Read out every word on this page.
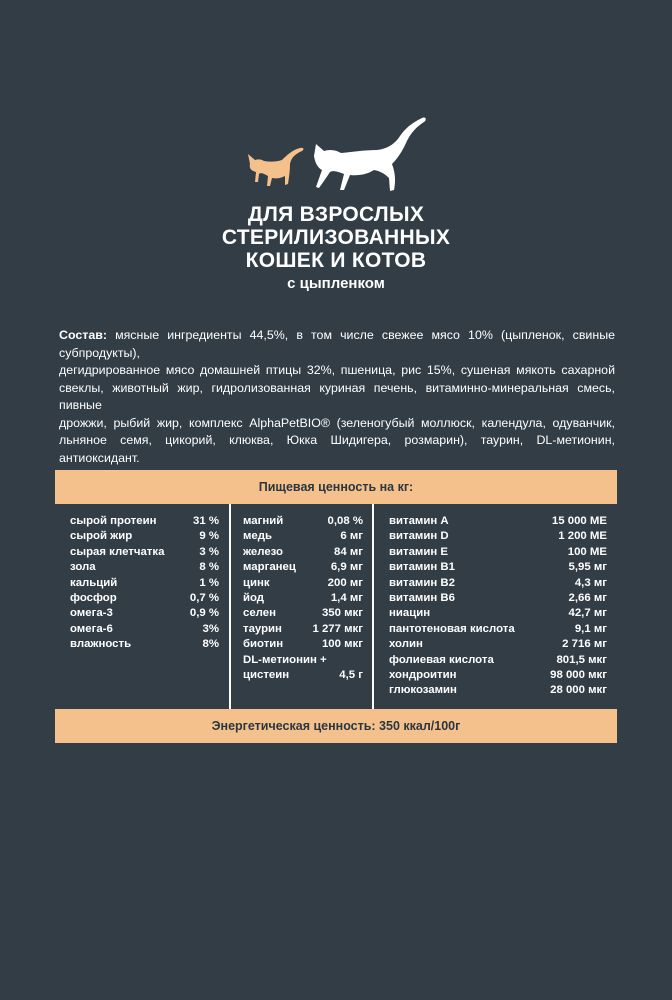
ДЛЯ ВЗРОСЛЫХ
СТЕРИЛИЗОВАННЫХ
КОШЕК И КОТОВ
с цыпленком
Состав: мясные ингредиенты 44,5%, в том числе свежее мясо 10% (цыпленок, свиные субпродукты),
дегидрированное мясо домашней птицы 32%, пшеница, рис 15%, сушеная мякоть сахарной
свеклы, животный жир, гидролизованная куриная печень, витаминно-минеральная смесь, пивные
дрожжи, рыбий жир, комплекс AlphaPetBIO® (зеленогубый моллюск, календула, одуванчик,
льняное семя, цикорий, клюква, Юкка Шидигера, розмарин), таурин, DL-метионин, антиоксидант.
Пищевая ценность на кг:
сырой протеин	31 %
сырой жир	9 %
сырая клетчатка	3 %
зола	8 %
кальций	1 %
фосфор	0,7 %
омега-3	0,9 %
омега-6	3%
влажность	8%
магний	0,08 %
медь	6 мг
железо	84 мг
марганец	6,9 мг
цинк	200 мг
йод	1,4 мг
селен	350 мкг
таурин	1 277 мкг
биотин	100 мкг
DL-метионин +
цистеин	4,5 г
витамин A	15 000 МЕ
витамин D	1 200 МЕ
витамин E	100 МЕ
витамин B1	5,95 мг
витамин B2	4,3 мг
витамин B6	2,66 мг
ниацин	42,7 мг
пантотеновая кислота	9,1 мг
холин	2 716 мг
фолиевая кислота	801,5 мкг
хондроитин	98 000 мкг
глюкозамин	28 000 мкг
Энергетическая ценность: 350 ккал/100г
